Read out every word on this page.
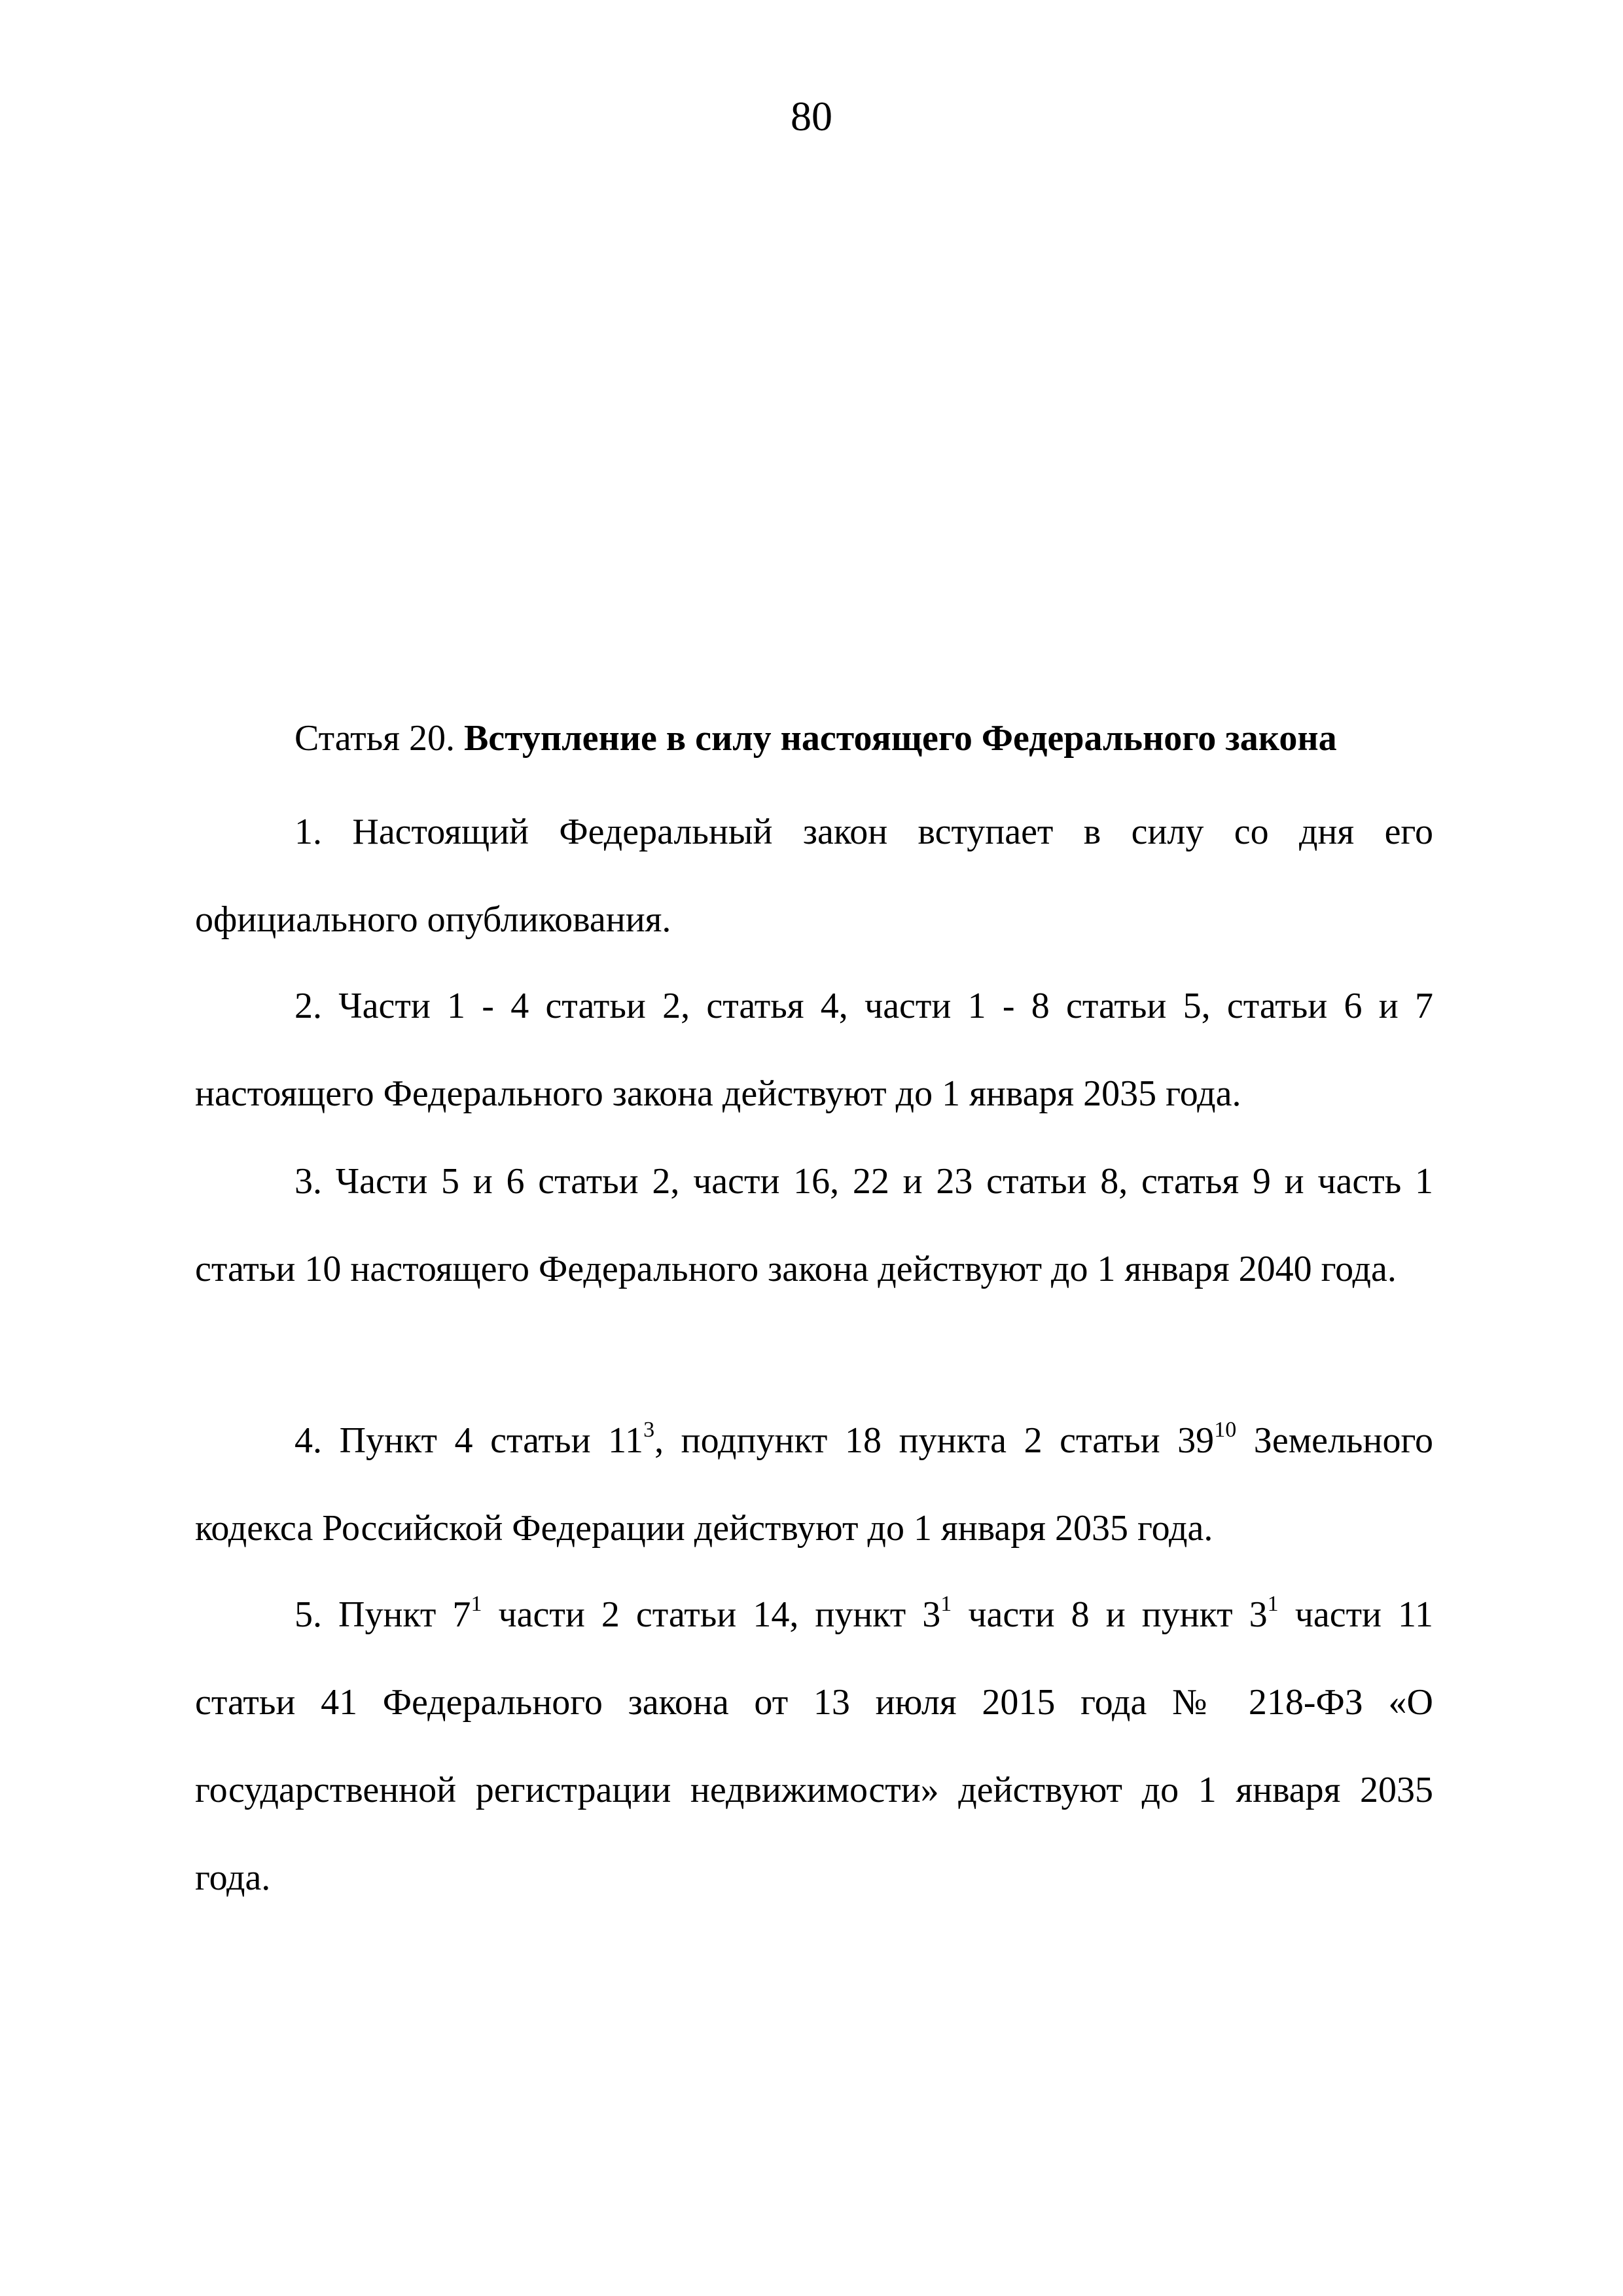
80
Статья 20. Вступление в силу настоящего Федерального закона

1. Настоящий Федеральный закон вступает в силу со дня его официального опубликования.

2. Части 1 - 4 статьи 2, статья 4, части 1 - 8 статьи 5, статьи 6 и 7 настоящего Федерального закона действуют до 1 января 2035 года.

3. Части 5 и 6 статьи 2, части 16, 22 и 23 статьи 8, статья 9 и часть 1 статьи 10 настоящего Федерального закона действуют до 1 января 2040 года.

4. Пункт 4 статьи $11^3$, подпункт 18 пункта 2 статьи $39^{10}$ Земельного кодекса Российской Федерации действуют до 1 января 2035 года.

5. Пункт $7^1$ части 2 статьи 14, пункт $3^1$ части 8 и пункт $3^1$ части 11 статьи 41 Федерального закона от 13 июля 2015 года № 218-ФЗ «О государственной регистрации недвижимости» действуют до 1 января 2035 года.
